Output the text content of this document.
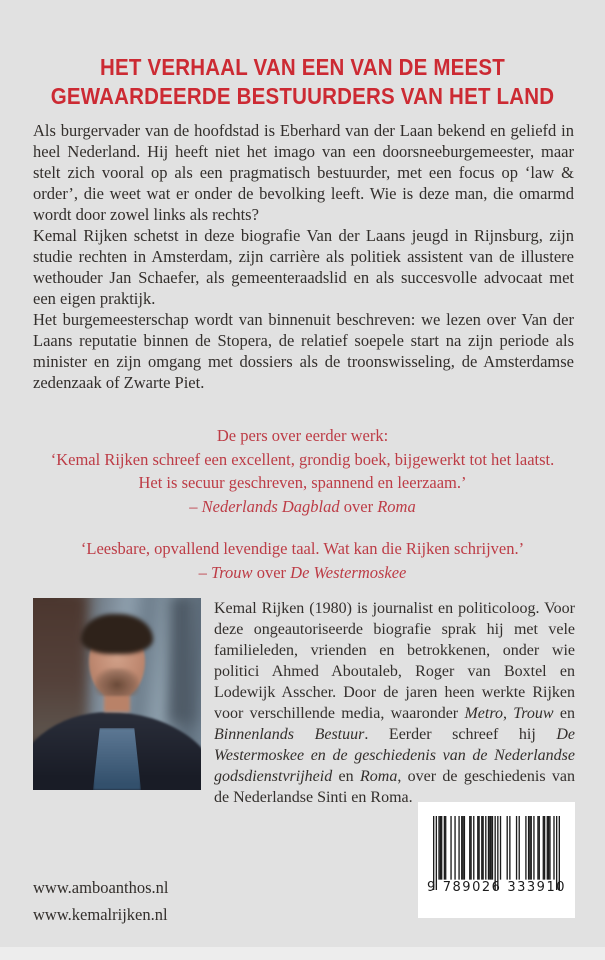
HET VERHAAL VAN EEN VAN DE MEEST
GEWAARDEERDE BESTUURDERS VAN HET LAND

Als burgervader van de hoofdstad is Eberhard van der Laan bekend en geliefd in heel Nederland. Hij heeft niet het imago van een doorsneeburgemeester, maar stelt zich vooral op als een pragmatisch bestuurder, met een focus op ‘law & order’, die weet wat er onder de bevolking leeft. Wie is deze man, die omarmd wordt door zowel links als rechts?

Kemal Rijken schetst in deze biografie Van der Laans jeugd in Rijnsburg, zijn studie rechten in Amsterdam, zijn carrière als politiek assistent van de illustere wethouder Jan Schaefer, als gemeenteraadslid en als succesvolle advocaat met een eigen praktijk.

Het burgemeesterschap wordt van binnenuit beschreven: we lezen over Van der Laans reputatie binnen de Stopera, de relatief soepele start na zijn periode als minister en zijn omgang met dossiers als de troonswisseling, de Amsterdamse zedenzaak of Zwarte Piet.

De pers over eerder werk:
‘Kemal Rijken schreef een excellent, grondig boek, bijgewerkt tot het laatst.
Het is secuur geschreven, spannend en leerzaam.’
– Nederlands Dagblad over Roma
‘Leesbare, opvallend levendige taal. Wat kan die Rijken schrijven.’
– Trouw over De Westermoskee
Kemal Rijken (1980) is journalist en politicoloog. Voor deze ongeautoriseerde biografie sprak hij met vele familieleden, vrienden en betrokkenen, onder wie politici Ahmed Aboutaleb, Roger van Boxtel en Lodewijk Asscher. Door de jaren heen werkte Rijken voor verschillende media, waaronder Metro, Trouw en Binnenlands Bestuur. Eerder schreef hij De Westermoskee en de geschiedenis van de Nederlandse godsdienstvrijheid en Roma, over de geschiedenis van de Nederlandse Sinti en Roma.
www.amboanthos.nl
www.kemalrijken.nl
9 789026 333910
